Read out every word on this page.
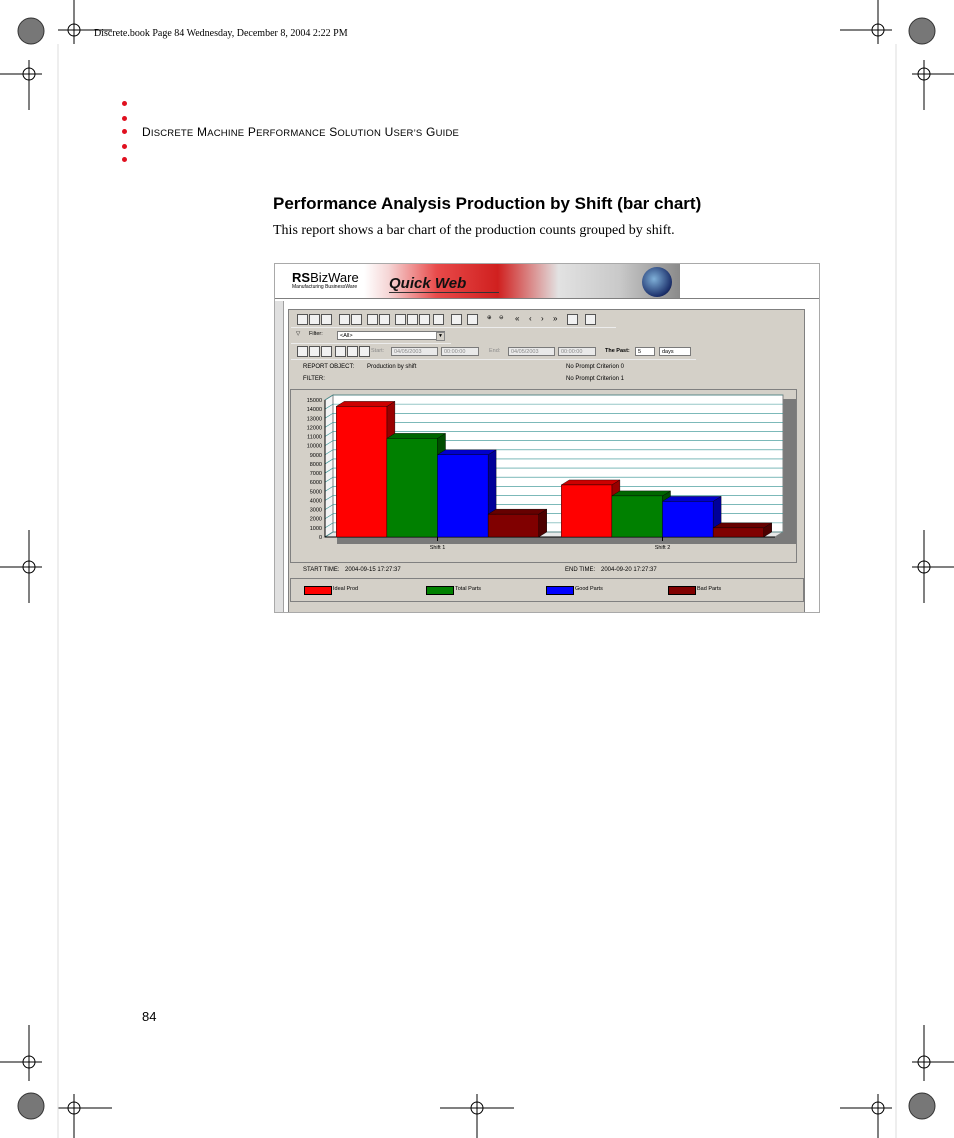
Discrete.book Page 84 Wednesday, December 8, 2004 2:22 PM
DISCRETE MACHINE PERFORMANCE SOLUTION USER’S GUIDE
Performance Analysis Production by Shift (bar chart)
This report shows a bar chart of the production counts grouped by shift.
RSBizWare
Manufacturing BusinessWare Quick Web
⊕ ⊖ « ‹ › »
▽ Filter:	<All>	▼
Start:	04/05/2003	00:00:00	End:	04/05/2003	00:00:00	The Past:	5	days
REPORT OBJECT: Production by shift
FILTER:
No Prompt Criterion 0
No Prompt Criterion 1
0
1000
2000
3000
4000
5000
6000
7000
8000
9000
10000
11000
12000
13000
14000
15000
Shift 1	Shift 2
START TIME: 2004-09-15 17:27:37	END TIME: 2004-09-20 17:27:37
Ideal Prod	Total Parts	Good Parts	Bad Parts
84
